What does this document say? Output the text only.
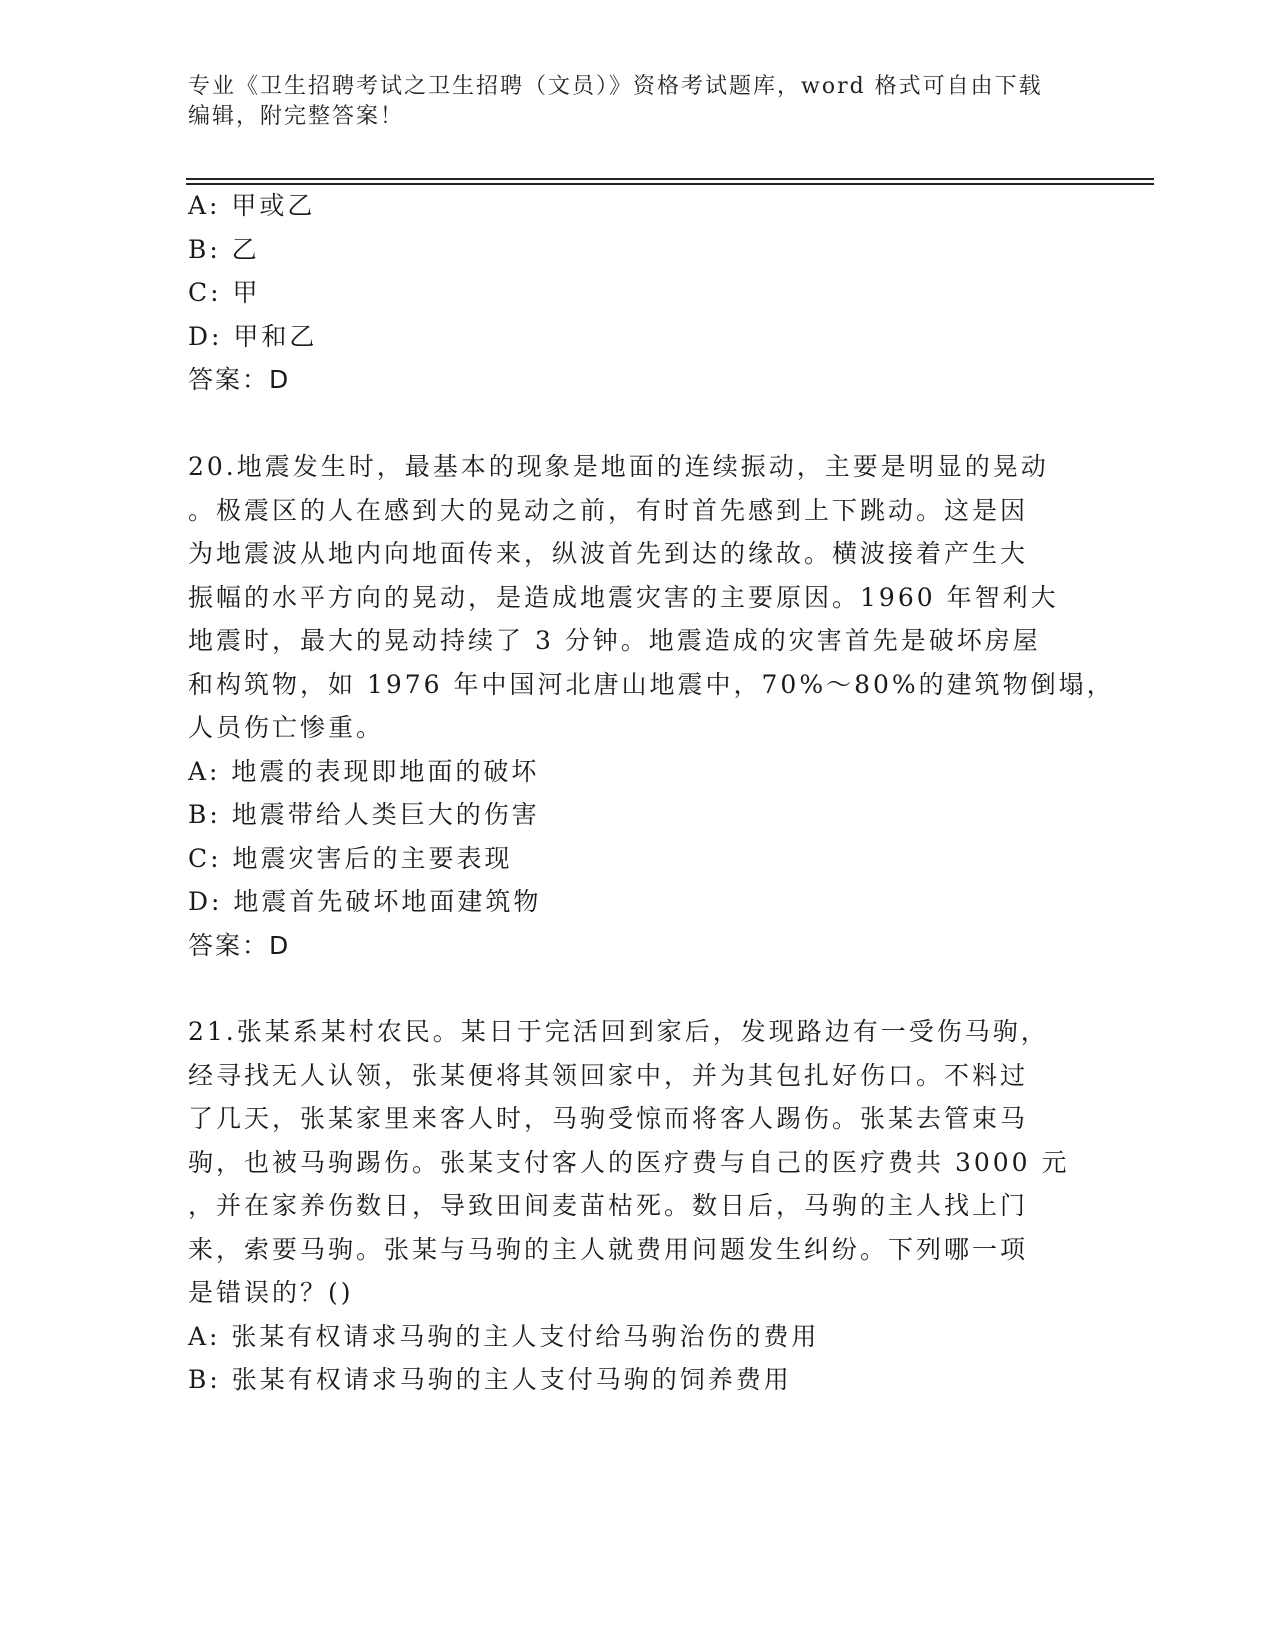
专业《卫生招聘考试之卫生招聘（文员）》资格考试题库，word 格式可自由下载
编辑，附完整答案！
A: 甲或乙
B: 乙
C: 甲
D: 甲和乙
答案：D
20.地震发生时，最基本的现象是地面的连续振动，主要是明显的晃动
。极震区的人在感到大的晃动之前，有时首先感到上下跳动。这是因
为地震波从地内向地面传来，纵波首先到达的缘故。横波接着产生大
振幅的水平方向的晃动，是造成地震灾害的主要原因。1960 年智利大
地震时，最大的晃动持续了 3 分钟。地震造成的灾害首先是破坏房屋
和构筑物，如 1976 年中国河北唐山地震中，70%～80%的建筑物倒塌，
人员伤亡惨重。
A: 地震的表现即地面的破坏
B: 地震带给人类巨大的伤害
C: 地震灾害后的主要表现
D: 地震首先破坏地面建筑物
答案：D
21.张某系某村农民。某日于完活回到家后，发现路边有一受伤马驹，
经寻找无人认领，张某便将其领回家中，并为其包扎好伤口。不料过
了几天，张某家里来客人时，马驹受惊而将客人踢伤。张某去管束马
驹，也被马驹踢伤。张某支付客人的医疗费与自己的医疗费共 3000 元
，并在家养伤数日，导致田间麦苗枯死。数日后，马驹的主人找上门
来，索要马驹。张某与马驹的主人就费用问题发生纠纷。下列哪一项
是错误的？()
A: 张某有权请求马驹的主人支付给马驹治伤的费用
B: 张某有权请求马驹的主人支付马驹的饲养费用
